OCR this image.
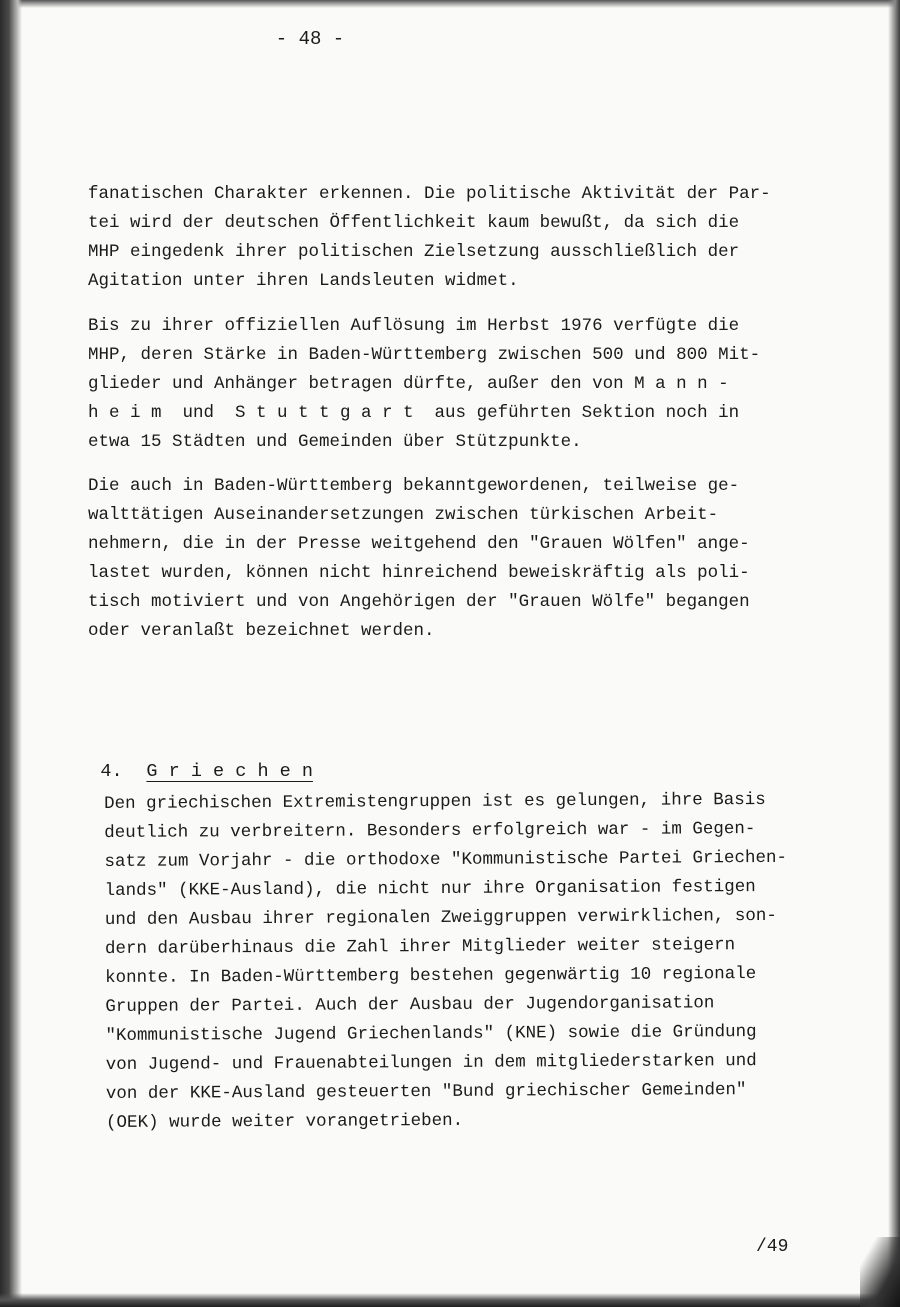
- 48 -

fanatischen Charakter erkennen. Die politische Aktivität der Par-
tei wird der deutschen Öffentlichkeit kaum bewußt, da sich die
MHP eingedenk ihrer politischen Zielsetzung ausschließlich der
Agitation unter ihren Landsleuten widmet.

Bis zu ihrer offiziellen Auflösung im Herbst 1976 verfügte die
MHP, deren Stärke in Baden-Württemberg zwischen 500 und 800 Mit-
glieder und Anhänger betragen dürfte, außer den von M a n n -
h e i m  und  S t u t t g a r t  aus geführten Sektion noch in
etwa 15 Städten und Gemeinden über Stützpunkte.

Die auch in Baden-Württemberg bekanntgewordenen, teilweise ge-
walttätigen Auseinandersetzungen zwischen türkischen Arbeit-
nehmern, die in der Presse weitgehend den "Grauen Wölfen" ange-
lastet wurden, können nicht hinreichend beweiskräftig als poli-
tisch motiviert und von Angehörigen der "Grauen Wölfe" begangen
oder veranlaßt bezeichnet werden.

4. G r i e c h e n

Den griechischen Extremistengruppen ist es gelungen, ihre Basis
deutlich zu verbreitern. Besonders erfolgreich war - im Gegen-
satz zum Vorjahr - die orthodoxe "Kommunistische Partei Griechen-
lands" (KKE-Ausland), die nicht nur ihre Organisation festigen
und den Ausbau ihrer regionalen Zweiggruppen verwirklichen, son-
dern darüberhinaus die Zahl ihrer Mitglieder weiter steigern
konnte. In Baden-Württemberg bestehen gegenwärtig 10 regionale
Gruppen der Partei. Auch der Ausbau der Jugendorganisation
"Kommunistische Jugend Griechenlands" (KNE) sowie die Gründung
von Jugend- und Frauenabteilungen in dem mitgliederstarken und
von der KKE-Ausland gesteuerten "Bund griechischer Gemeinden"
(OEK) wurde weiter vorangetrieben.

/49
